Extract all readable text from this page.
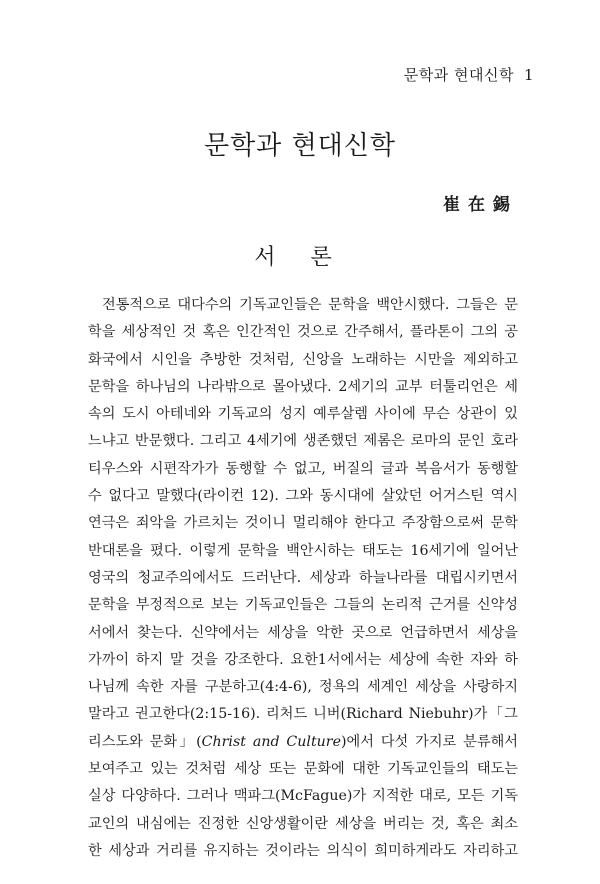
문학과 현대신학 1
문학과 현대신학
崔在錫
서 론
전통적으로 대다수의 기독교인들은 문학을 백안시했다. 그들은 문
학을 세상적인 것 혹은 인간적인 것으로 간주해서, 플라톤이 그의 공
화국에서 시인을 추방한 것처럼, 신앙을 노래하는 시만을 제외하고
문학을 하나님의 나라밖으로 몰아냈다. 2세기의 교부 터툴리언은 세
속의 도시 아테네와 기독교의 성지 예루살렘 사이에 무슨 상관이 있
느냐고 반문했다. 그리고 4세기에 생존했던 제롬은 로마의 문인 호라
티우스와 시편작가가 동행할 수 없고, 버질의 글과 복음서가 동행할
수 없다고 말했다(라이컨 12). 그와 동시대에 살았던 어거스틴 역시
연극은 죄악을 가르치는 것이니 멀리해야 한다고 주장함으로써 문학
반대론을 폈다. 이렇게 문학을 백안시하는 태도는 16세기에 일어난
영국의 청교주의에서도 드러난다. 세상과 하늘나라를 대립시키면서
문학을 부정적으로 보는 기독교인들은 그들의 논리적 근거를 신약성
서에서 찾는다. 신약에서는 세상을 악한 곳으로 언급하면서 세상을
가까이 하지 말 것을 강조한다. 요한1서에서는 세상에 속한 자와 하
나님께 속한 자를 구분하고(4:4-6), 정욕의 세계인 세상을 사랑하지
말라고 권고한다(2:15-16). 리처드 니버(Richard Niebuhr)가「그
리스도와 문화」(Christ and Culture)에서 다섯 가지로 분류해서
보여주고 있는 것처럼 세상 또는 문화에 대한 기독교인들의 태도는
실상 다양하다. 그러나 맥파그(McFague)가 지적한 대로, 모든 기독
교인의 내심에는 진정한 신앙생활이란 세상을 버리는 것, 혹은 최소
한 세상과 거리를 유지하는 것이라는 의식이 희미하게라도 자리하고
